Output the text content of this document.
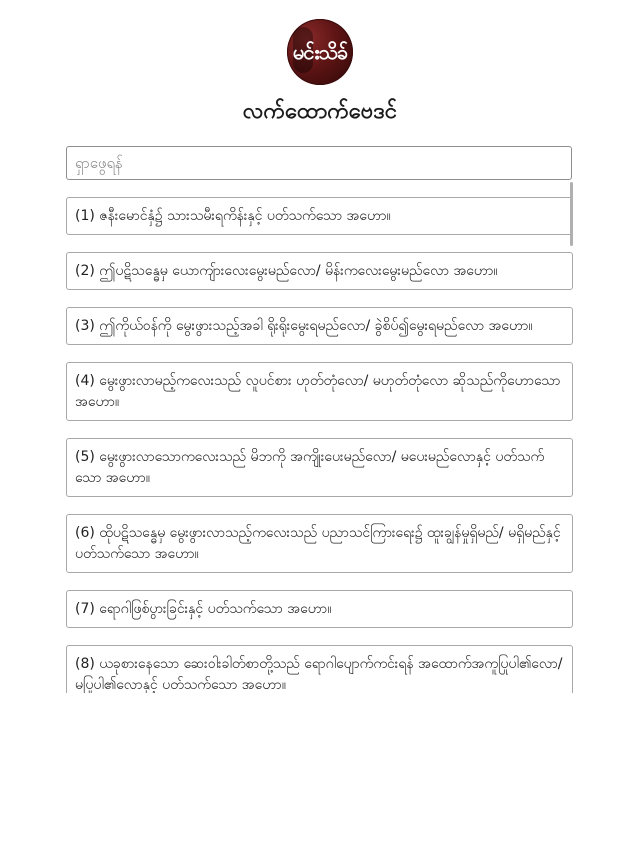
မင်းသိခ်
လက်ထောက်ဗေဒင်
ရှာဖွေရန်
(1) ဇနီးမောင်နှံ၌ သားသမီးရကိန်းနှင့် ပတ်သက်သော အဟော။
(2) ဤပဋိသန္ဓေမှ ယောကျ်ားလေးမွေးမည်လော/ မိန်းကလေးမွေးမည်လော အဟော။
(3) ဤကိုယ်ဝန်ကို မွေးဖွားသည့်အခါ ရိုးရိုးမွေးရမည်လော/ ခွဲစိပ်၍မွေးရမည်လော အဟော။
(4) မွေးဖွားလာမည့်ကလေးသည် လူပင်စား ဟုတ်တုံလော/ မဟုတ်တုံလော ဆိုသည်ကိုဟောသော အဟော။
(5) မွေးဖွားလာသောကလေးသည် မိဘကို အကျိုးပေးမည်လော/ မပေးမည်လောနှင့် ပတ်သက်သော အဟော။
(6) ထိုပဋိသန္ဓေမှ မွေးဖွားလာသည့်ကလေးသည် ပညာသင်ကြားရေး၌ ထူးချွန်မှုရှိမည်/ မရှိမည်နှင့် ပတ်သက်သော အဟော။
(7) ရောဂါဖြစ်ပွားခြင်းနှင့် ပတ်သက်သော အဟော။
(8) ယခုစားနေသော ဆေးဝါးခါတ်စာတို့သည် ရောဂါပျောက်ကင်းရန် အထောက်အကူပြုပါ၏လော/ မပြုပါ၏လောနှင့် ပတ်သက်သော အဟော။
